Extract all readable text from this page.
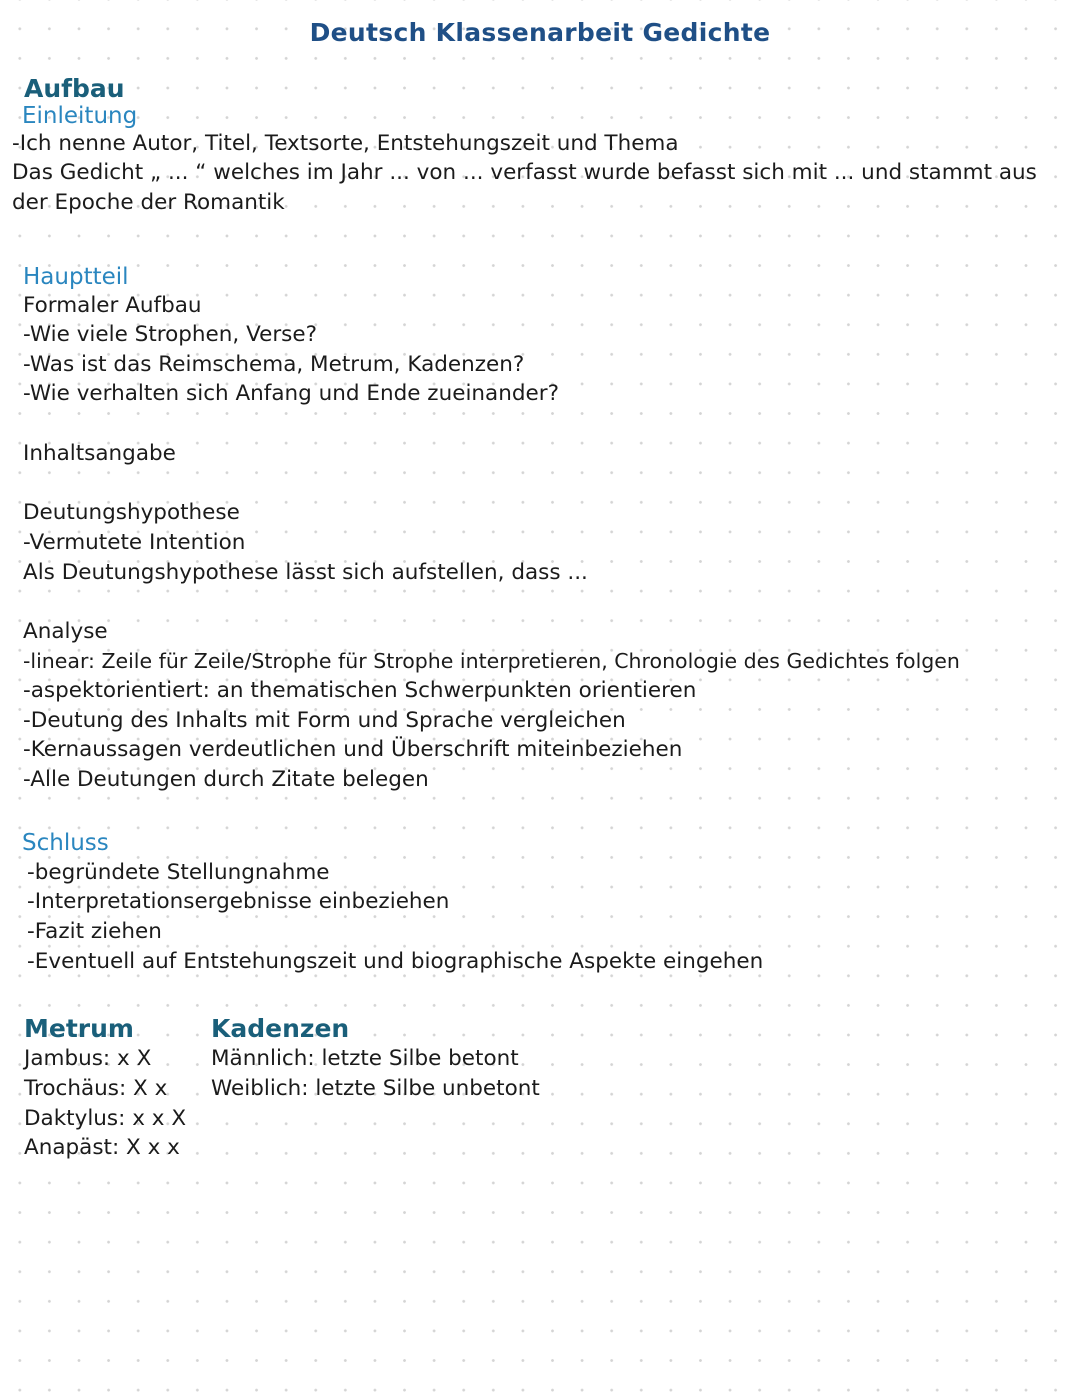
Deutsch Klassenarbeit Gedichte
Aufbau
Einleitung
-Ich nenne Autor, Titel, Textsorte, Entstehungszeit und Thema
Das Gedicht „ ... “ welches im Jahr ... von ... verfasst wurde befasst sich mit ... und stammt aus
der Epoche der Romantik
Hauptteil
Formaler Aufbau
-Wie viele Strophen, Verse?
-Was ist das Reimschema, Metrum, Kadenzen?
-Wie verhalten sich Anfang und Ende zueinander?
Inhaltsangabe
Deutungshypothese
-Vermutete Intention
Als Deutungshypothese lässt sich aufstellen, dass ...
Analyse
-linear: Zeile für Zeile/Strophe für Strophe interpretieren, Chronologie des Gedichtes folgen
-aspektorientiert: an thematischen Schwerpunkten orientieren
-Deutung des Inhalts mit Form und Sprache vergleichen
-Kernaussagen verdeutlichen und Überschrift miteinbeziehen
-Alle Deutungen durch Zitate belegen
Schluss
-begründete Stellungnahme
-Interpretationsergebnisse einbeziehen
-Fazit ziehen
-Eventuell auf Entstehungszeit und biographische Aspekte eingehen
Metrum
Jambus: x X
Trochäus: X x
Daktylus: x x X
Anapäst: X x x
Kadenzen
Männlich: letzte Silbe betont
Weiblich: letzte Silbe unbetont
